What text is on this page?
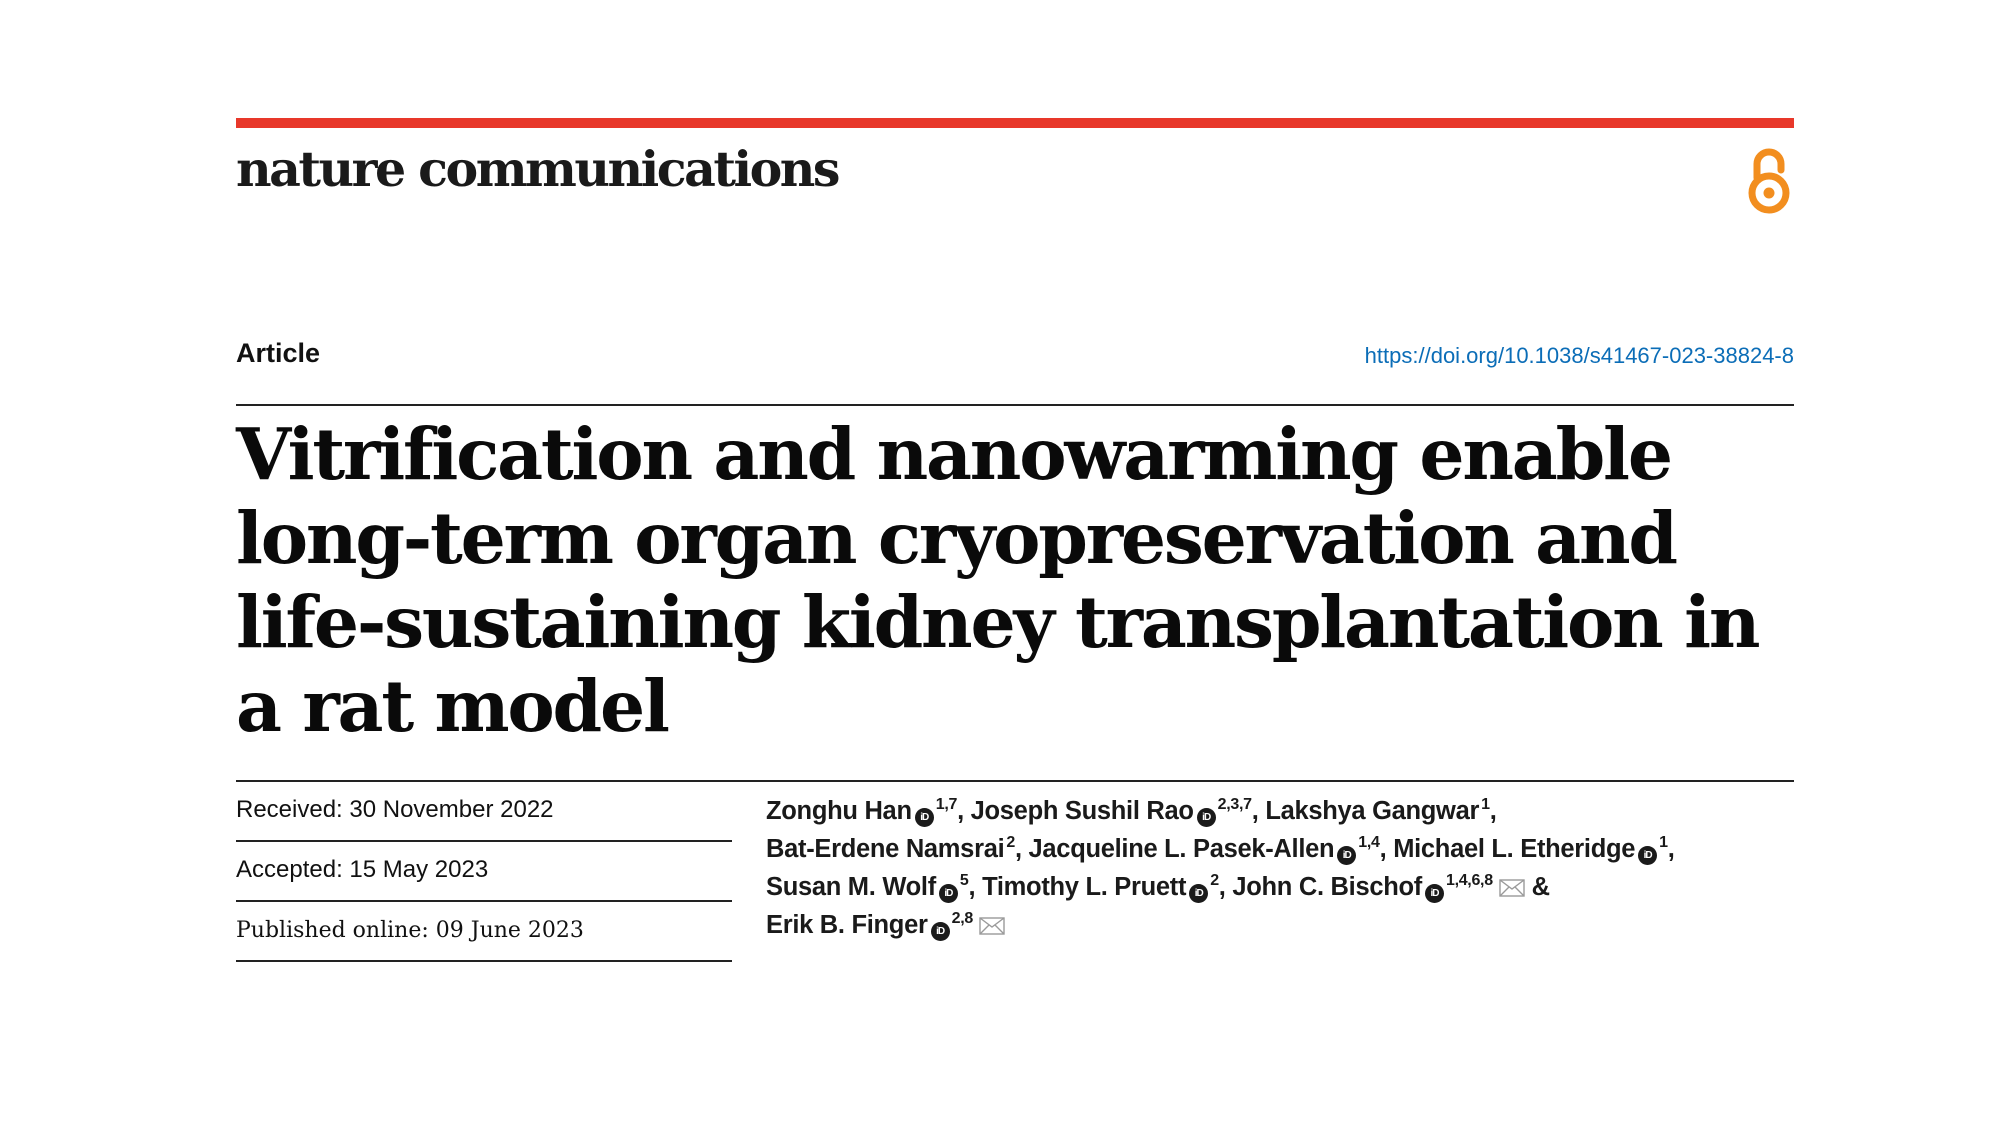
nature communications
Article	https://doi.org/10.1038/s41467-023-38824-8
Vitrification and nanowarming enable long-term organ cryopreservation and life-sustaining kidney transplantation in a rat model
Received: 30 November 2022
Accepted: 15 May 2023
Published online: 09 June 2023
Zonghu Han iD$^{1,7}$, Joseph Sushil Rao iD$^{2,3,7}$, Lakshya Gangwar $^1$,
Bat-Erdene Namsrai $^2$, Jacqueline L. Pasek-Allen iD$^{1,4}$, Michael L. Etheridge $iD^1$,
Susan M. Wolf $iD^5$, Timothy L. Pruett $iD^2$, John C. Bischof iD$^{1,4,6,8}$ &
Erik B. Finger iD$^{2,8}$
